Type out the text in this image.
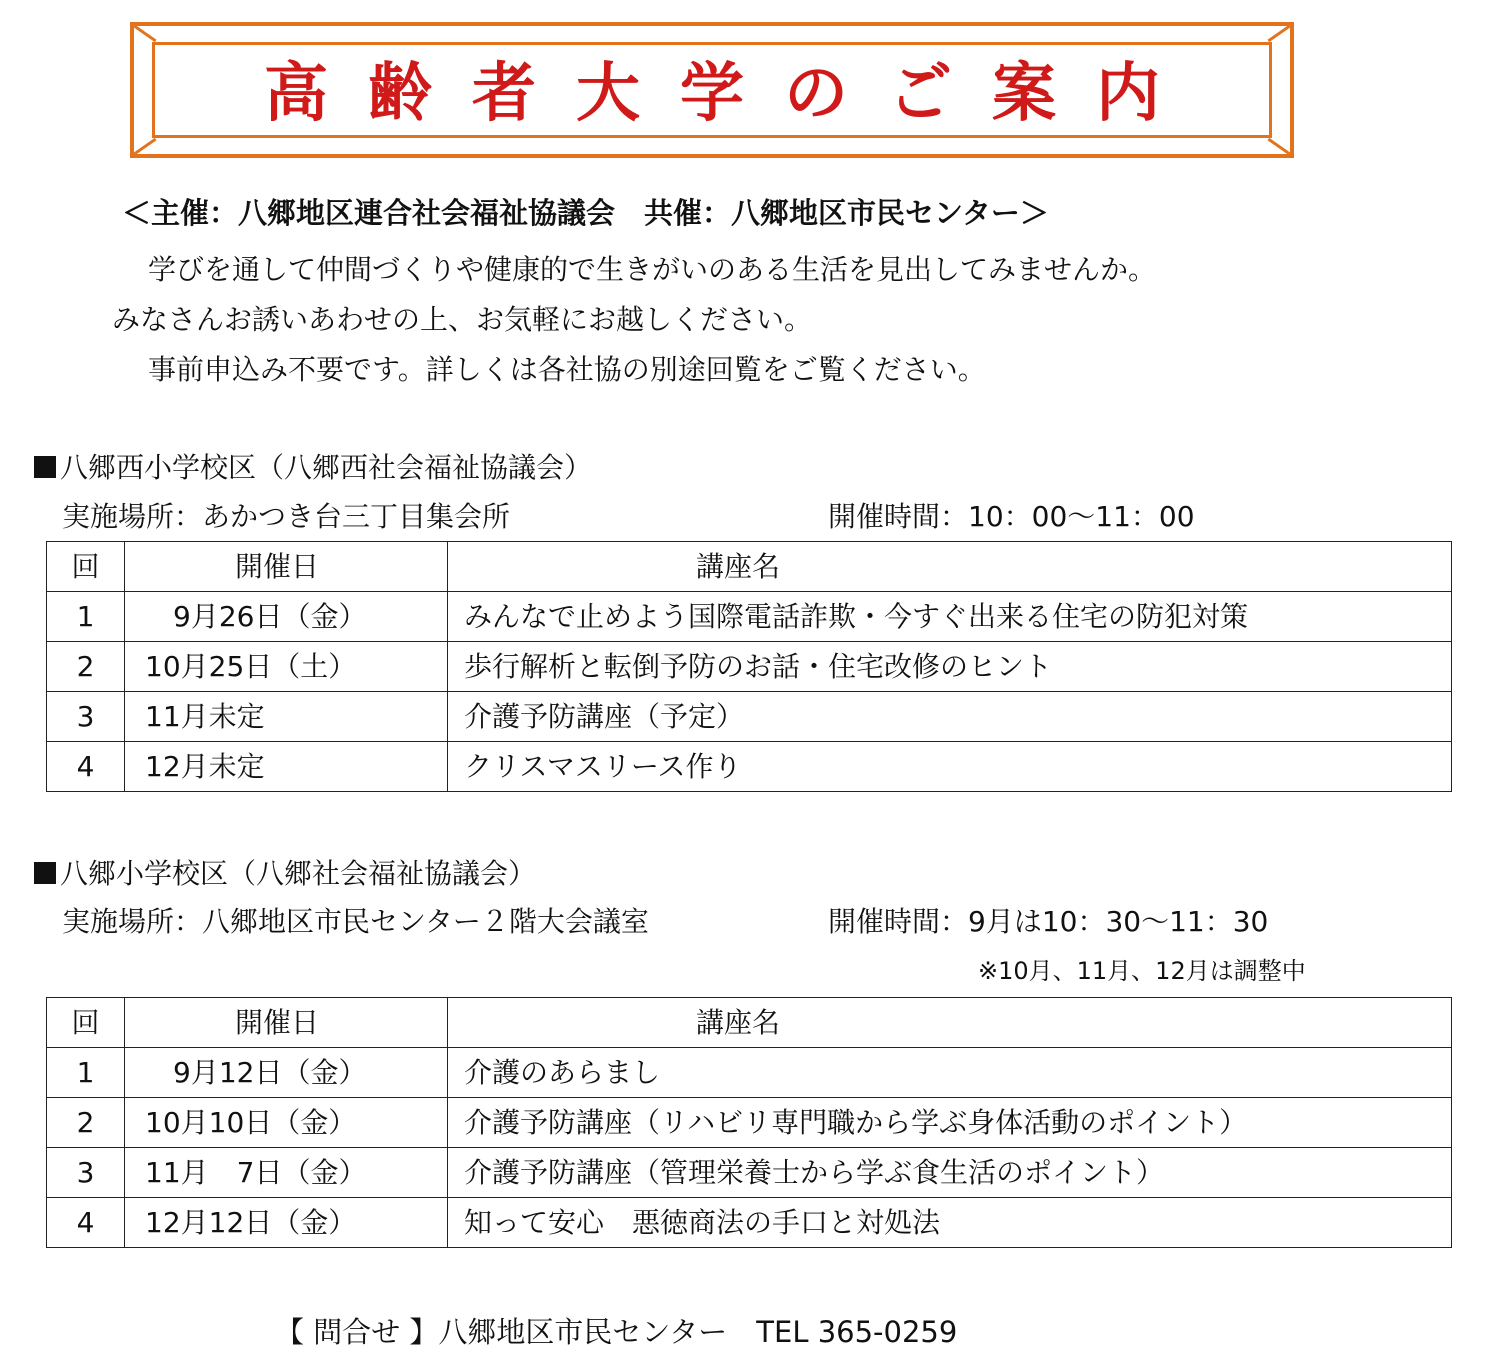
高齢者大学のご案内
＜主催：八郷地区連合社会福祉協議会　共催：八郷地区市民センター＞
学びを通して仲間づくりや健康的で生きがいのある生活を見出してみませんか。
みなさんお誘いあわせの上、お気軽にお越しください。
事前申込み不要です。詳しくは各社協の別途回覧をご覧ください。
八郷西小学校区（八郷西社会福祉協議会）
実施場所：あかつき台三丁目集会所	開催時間：10：00～11：00
回	開催日	講座名
1	　9月26日（金）	みんなで止めよう国際電話詐欺・今すぐ出来る住宅の防犯対策
2	10月25日（土）	歩行解析と転倒予防のお話・住宅改修のヒント
3	11月未定	介護予防講座（予定）
4	12月未定	クリスマスリース作り
八郷小学校区（八郷社会福祉協議会）
実施場所：八郷地区市民センター２階大会議室	開催時間：9月は10：30～11：30
※10月、11月、12月は調整中
回	開催日	講座名
1	　9月12日（金）	介護のあらまし
2	10月10日（金）	介護予防講座（リハビリ専門職から学ぶ身体活動のポイント）
3	11月　7日（金）	介護予防講座（管理栄養士から学ぶ食生活のポイント）
4	12月12日（金）	知って安心　悪徳商法の手口と対処法
【 問合せ 】八郷地区市民センター　TEL 365-0259
